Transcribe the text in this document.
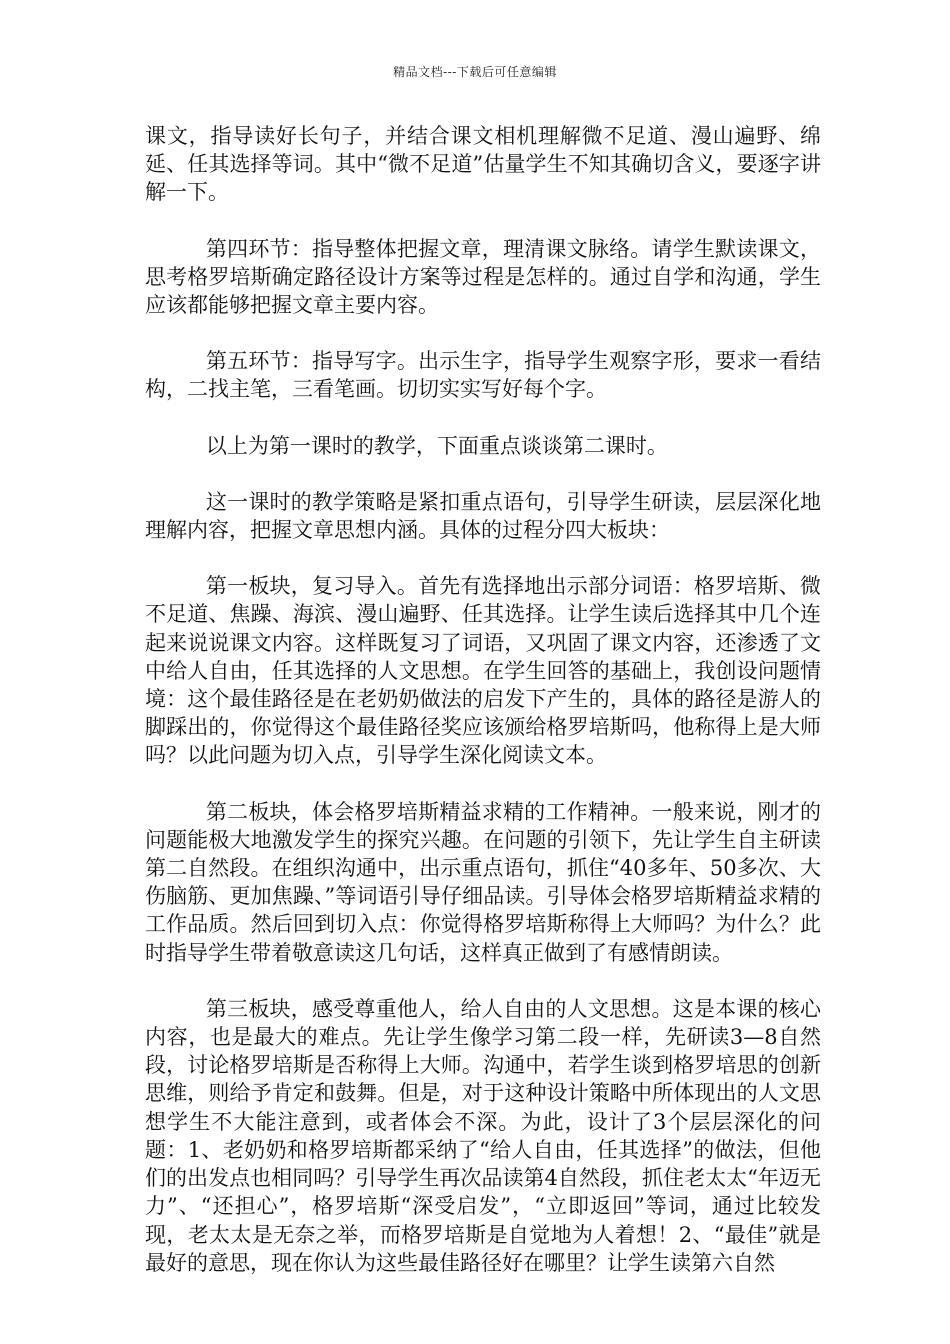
精品文档---下载后可任意编辑

课文，指导读好长句子，并结合课文相机理解微不足道、漫山遍野、绵延、任其选择等词。其中“微不足道”估量学生不知其确切含义，要逐字讲解一下。

第四环节：指导整体把握文章，理清课文脉络。请学生默读课文，思考格罗培斯确定路径设计方案等过程是怎样的。通过自学和沟通，学生应该都能够把握文章主要内容。

第五环节：指导写字。出示生字，指导学生观察字形，要求一看结构，二找主笔，三看笔画。切切实实写好每个字。

以上为第一课时的教学，下面重点谈谈第二课时。

这一课时的教学策略是紧扣重点语句，引导学生研读，层层深化地理解内容，把握文章思想内涵。具体的过程分四大板块：

第一板块，复习导入。首先有选择地出示部分词语：格罗培斯、微不足道、焦躁、海滨、漫山遍野、任其选择。让学生读后选择其中几个连起来说说课文内容。这样既复习了词语，又巩固了课文内容，还渗透了文中给人自由，任其选择的人文思想。在学生回答的基础上，我创设问题情境：这个最佳路径是在老奶奶做法的启发下产生的，具体的路径是游人的脚踩出的，你觉得这个最佳路径奖应该颁给格罗培斯吗，他称得上是大师吗？以此问题为切入点，引导学生深化阅读文本。

第二板块，体会格罗培斯精益求精的工作精神。一般来说，刚才的问题能极大地激发学生的探究兴趣。在问题的引领下，先让学生自主研读第二自然段。在组织沟通中，出示重点语句，抓住“40多年、50多次、大伤脑筋、更加焦躁、”等词语引导仔细品读。引导体会格罗培斯精益求精的工作品质。然后回到切入点：你觉得格罗培斯称得上大师吗？为什么？此时指导学生带着敬意读这几句话，这样真正做到了有感情朗读。

第三板块，感受尊重他人，给人自由的人文思想。这是本课的核心内容，也是最大的难点。先让学生像学习第二段一样，先研读3—8自然段，讨论格罗培斯是否称得上大师。沟通中，若学生谈到格罗培思的创新思维，则给予肯定和鼓舞。但是，对于这种设计策略中所体现出的人文思想学生不大能注意到，或者体会不深。为此，设计了3个层层深化的问题：1、老奶奶和格罗培斯都采纳了“给人自由，任其选择”的做法，但他们的出发点也相同吗？引导学生再次品读第4自然段，抓住老太太“年迈无力”、“还担心”，格罗培斯“深受启发”，“立即返回”等词，通过比较发现，老太太是无奈之举，而格罗培斯是自觉地为人着想！2、“最佳”就是最好的意思，现在你认为这些最佳路径好在哪里？让学生读第六自然
